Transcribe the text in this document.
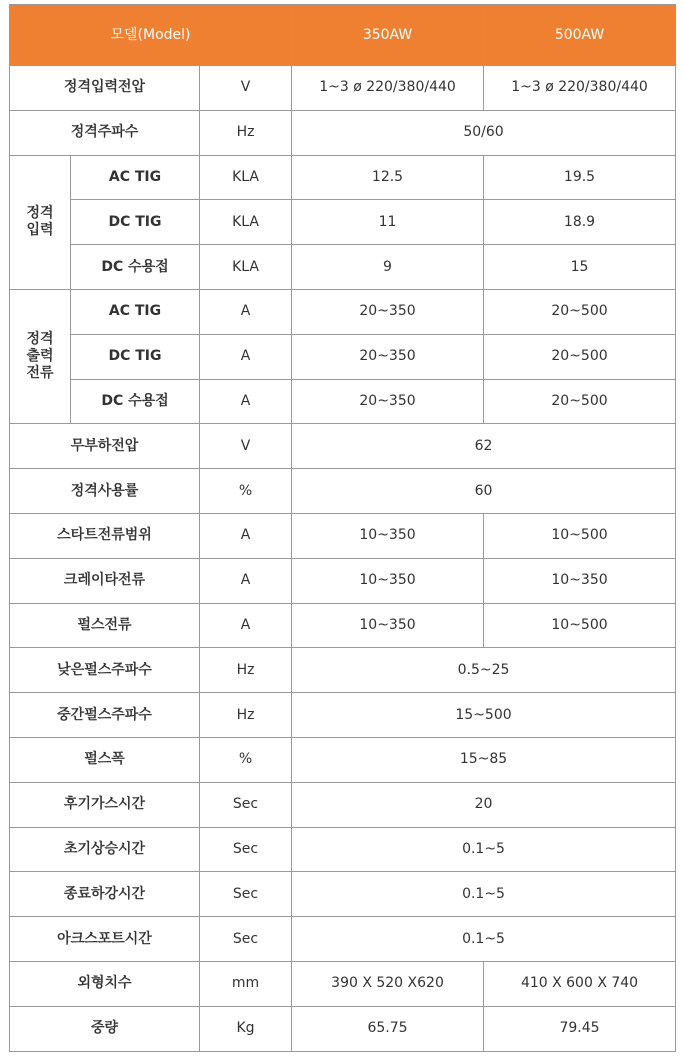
모델(Model)			350AW	500AW
정격입력전압		V	1~3 ø 220/380/440	1~3 ø 220/380/440
정격주파수		Hz	50/60	
정격
입력	AC TIG	KLA	12.5	19.5
	DC TIG	KLA	11	18.9
	DC 수용접	KLA	9	15
정격
출력
전류	AC TIG	A	20~350	20~500
	DC TIG	A	20~350	20~500
	DC 수용접	A	20~350	20~500
무부하전압		V	62	
정격사용률		%	60	
스타트전류범위		A	10~350	10~500
크레이타전류		A	10~350	10~350
펄스전류		A	10~350	10~500
낮은펄스주파수		Hz	0.5~25	
중간펄스주파수		Hz	15~500	
펄스폭		%	15~85	
후기가스시간		Sec	20	
초기상승시간		Sec	0.1~5	
종료하강시간		Sec	0.1~5	
아크스포트시간		Sec	0.1~5	
외형치수		mm	390 X 520 X620	410 X 600 X 740
중량		Kg	65.75	79.45
